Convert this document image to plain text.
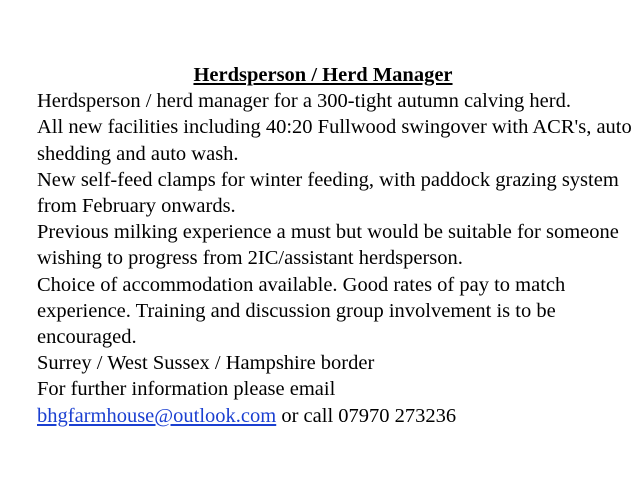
Herdsperson / Herd Manager

Herdsperson / herd manager for a 300-tight autumn calving herd.

All new facilities including 40:20 Fullwood swingover with ACR's, auto shedding and auto wash.

New self-feed clamps for winter feeding, with paddock grazing system from February onwards.

Previous milking experience a must but would be suitable for someone wishing to progress from 2IC/assistant herdsperson.

Choice of accommodation available. Good rates of pay to match experience. Training and discussion group involvement is to be encouraged.

Surrey / West Sussex / Hampshire border

For further information please email

bhgfarmhouse@outlook.com or call 07970 273236
